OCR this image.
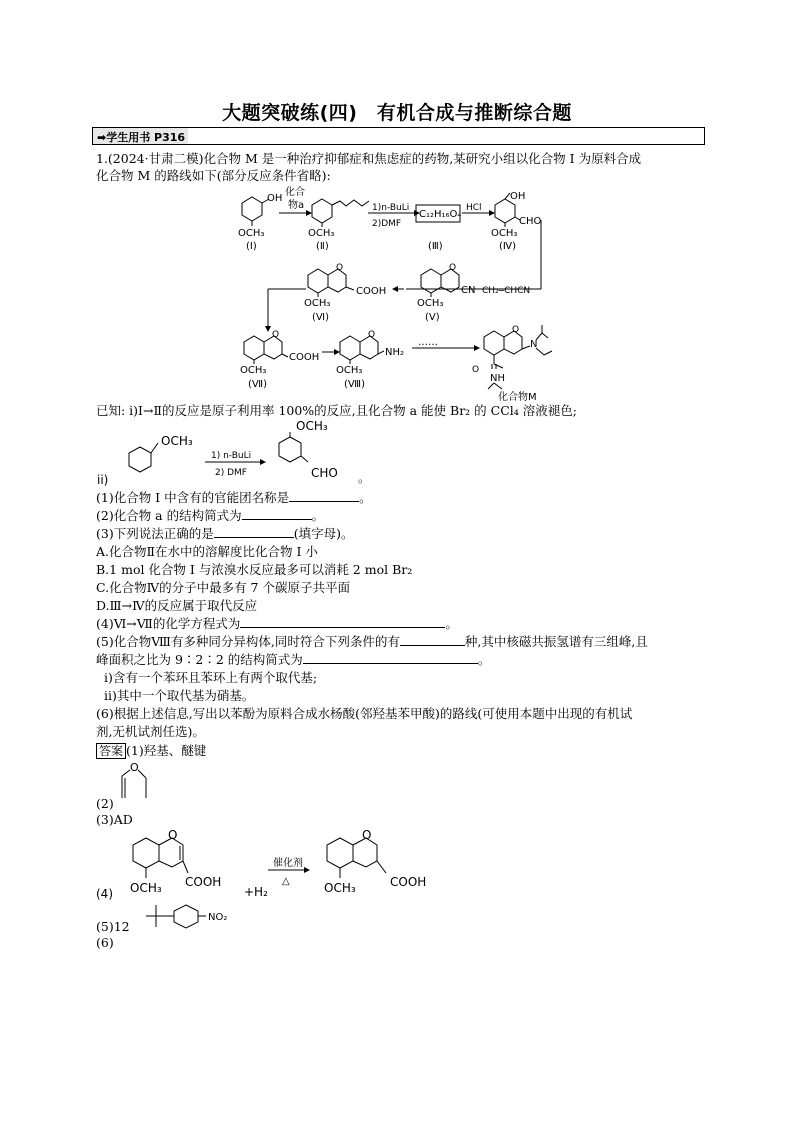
大题突破练(四)　有机合成与推断综合题
➡学生用书 P316
1.(2024·甘肃二模)化合物 M 是一种治疗抑郁症和焦虑症的药物,某研究小组以化合物 I 为原料合成
化合物 M 的路线如下(部分反应条件省略):
OH
OCH₃
(Ⅰ)
化合
物a
OCH₃
(Ⅱ)
1)n-BuLi
2)DMF
C₁₂H₁₆O₄
(Ⅲ)
HCl
OH
CHO
OCH₃
(Ⅳ)
O
CN CH₂═CHCN
OCH₃
(Ⅴ)
O
COOH
OCH₃
(Ⅵ)
O
COOH
OCH₃
(Ⅶ)
O
NH₂
OCH₃
(Ⅷ)
……
O
N
O
NH
化合物M
已知: i)Ⅰ→Ⅱ的反应是原子利用率 100%的反应,且化合物 a 能使 Br₂ 的 CCl₄ 溶液褪色;
ii)
OCH₃
1) n-BuLi
2) DMF
OCH₃
CHO 。
(1)化合物 I 中含有的官能团名称是	。
(2)化合物 a 的结构简式为	。
(3)下列说法正确的是	(填字母)。
A.化合物Ⅱ在水中的溶解度比化合物 I 小
B.1 mol 化合物 I 与浓溴水反应最多可以消耗 2 mol Br₂
C.化合物Ⅳ的分子中最多有 7 个碳原子共平面
D.Ⅲ→Ⅳ的反应属于取代反应
(4)Ⅵ→Ⅶ的化学方程式为	。
(5)化合物Ⅷ有多种同分异构体,同时符合下列条件的有	种,其中核磁共振氢谱有三组峰,且
峰面积之比为 9∶2∶2 的结构简式为	。
i)含有一个苯环且苯环上有两个取代基;
ii)其中一个取代基为硝基。
(6)根据上述信息,写出以苯酚为原料合成水杨酸(邻羟基苯甲酸)的路线(可使用本题中出现的有机试
剂,无机试剂任选)。
答案 (1)羟基、醚键
O
(2)
(3)AD
(4)
O
COOH
OCH₃	+H₂
催化剂
△
O
COOH
OCH₃
NO₂
(5)12
(6)
